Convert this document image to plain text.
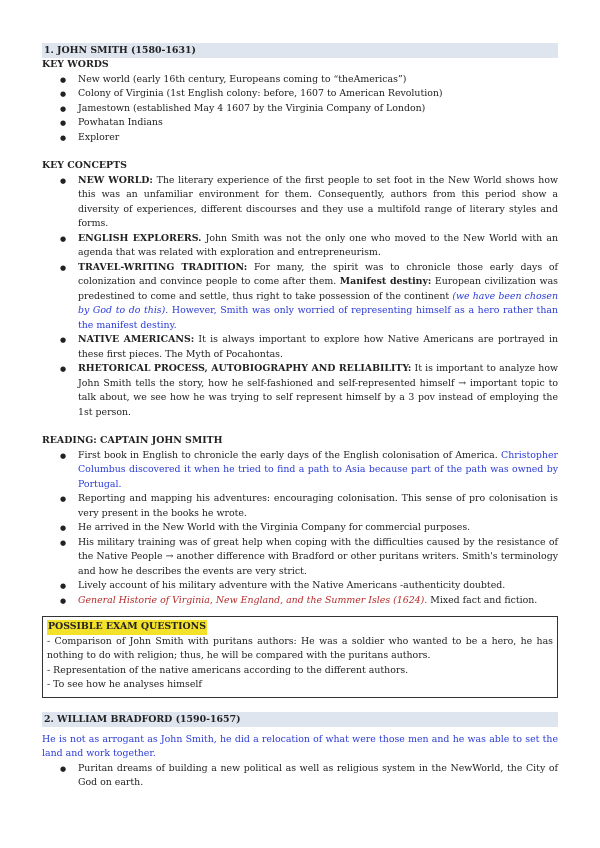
1. JOHN SMITH (1580-1631)
KEY WORDS
● New world (early 16th century, Europeans coming to “theAmericas”)
● Colony of Virginia (1st English colony: before, 1607 to American Revolution)
● Jamestown (established May 4 1607 by the Virginia Company of London)
● Powhatan Indians
● Explorer
KEY CONCEPTS
● NEW WORLD: The literary experience of the first people to set foot in the New World shows how this was an unfamiliar environment for them. Consequently, authors from this period show a diversity of experiences, different discourses and they use a multifold range of literary styles and forms.
● ENGLISH EXPLORERS. John Smith was not the only one who moved to the New World with an agenda that was related with exploration and entrepreneurism.
● TRAVEL-WRITING TRADITION: For many, the spirit was to chronicle those early days of colonization and convince people to come after them. Manifest destiny: European civilization was predestined to come and settle, thus right to take possession of the continent (we have been chosen by God to do this). However, Smith was only worried of representing himself as a hero rather than the manifest destiny.
● NATIVE AMERICANS: It is always important to explore how Native Americans are portrayed in these first pieces. The Myth of Pocahontas.
● RHETORICAL PROCESS, AUTOBIOGRAPHY AND RELIABILITY: It is important to analyze how John Smith tells the story, how he self-fashioned and self-represented himself → important topic to talk about, we see how he was trying to self represent himself by a 3 pov instead of employing the 1st person.
READING: CAPTAIN JOHN SMITH
● First book in English to chronicle the early days of the English colonisation of America. Christopher Columbus discovered it when he tried to find a path to Asia because part of the path was owned by Portugal.
● Reporting and mapping his adventures: encouraging colonisation. This sense of pro colonisation is very present in the books he wrote.
● He arrived in the New World with the Virginia Company for commercial purposes.
● His military training was of great help when coping with the difficulties caused by the resistance of the Native People → another difference with Bradford or other puritans writers. Smith's terminology and how he describes the events are very strict.
● Lively account of his military adventure with the Native Americans -authenticity doubted.
● General Historie of Virginia, New England, and the Summer Isles (1624). Mixed fact and fiction.
POSSIBLE EXAM QUESTIONS

- Comparison of John Smith with puritans authors: He was a soldier who wanted to be a hero, he has nothing to do with religion; thus, he will be compared with the puritans authors.

- Representation of the native americans according to the different authors.

- To see how he analyses himself

2. WILLIAM BRADFORD (1590-1657)
He is not as arrogant as John Smith, he did a relocation of what were those men and he was able to set the land and work together.
● Puritan dreams of building a new political as well as religious system in the NewWorld, the City of God on earth.
